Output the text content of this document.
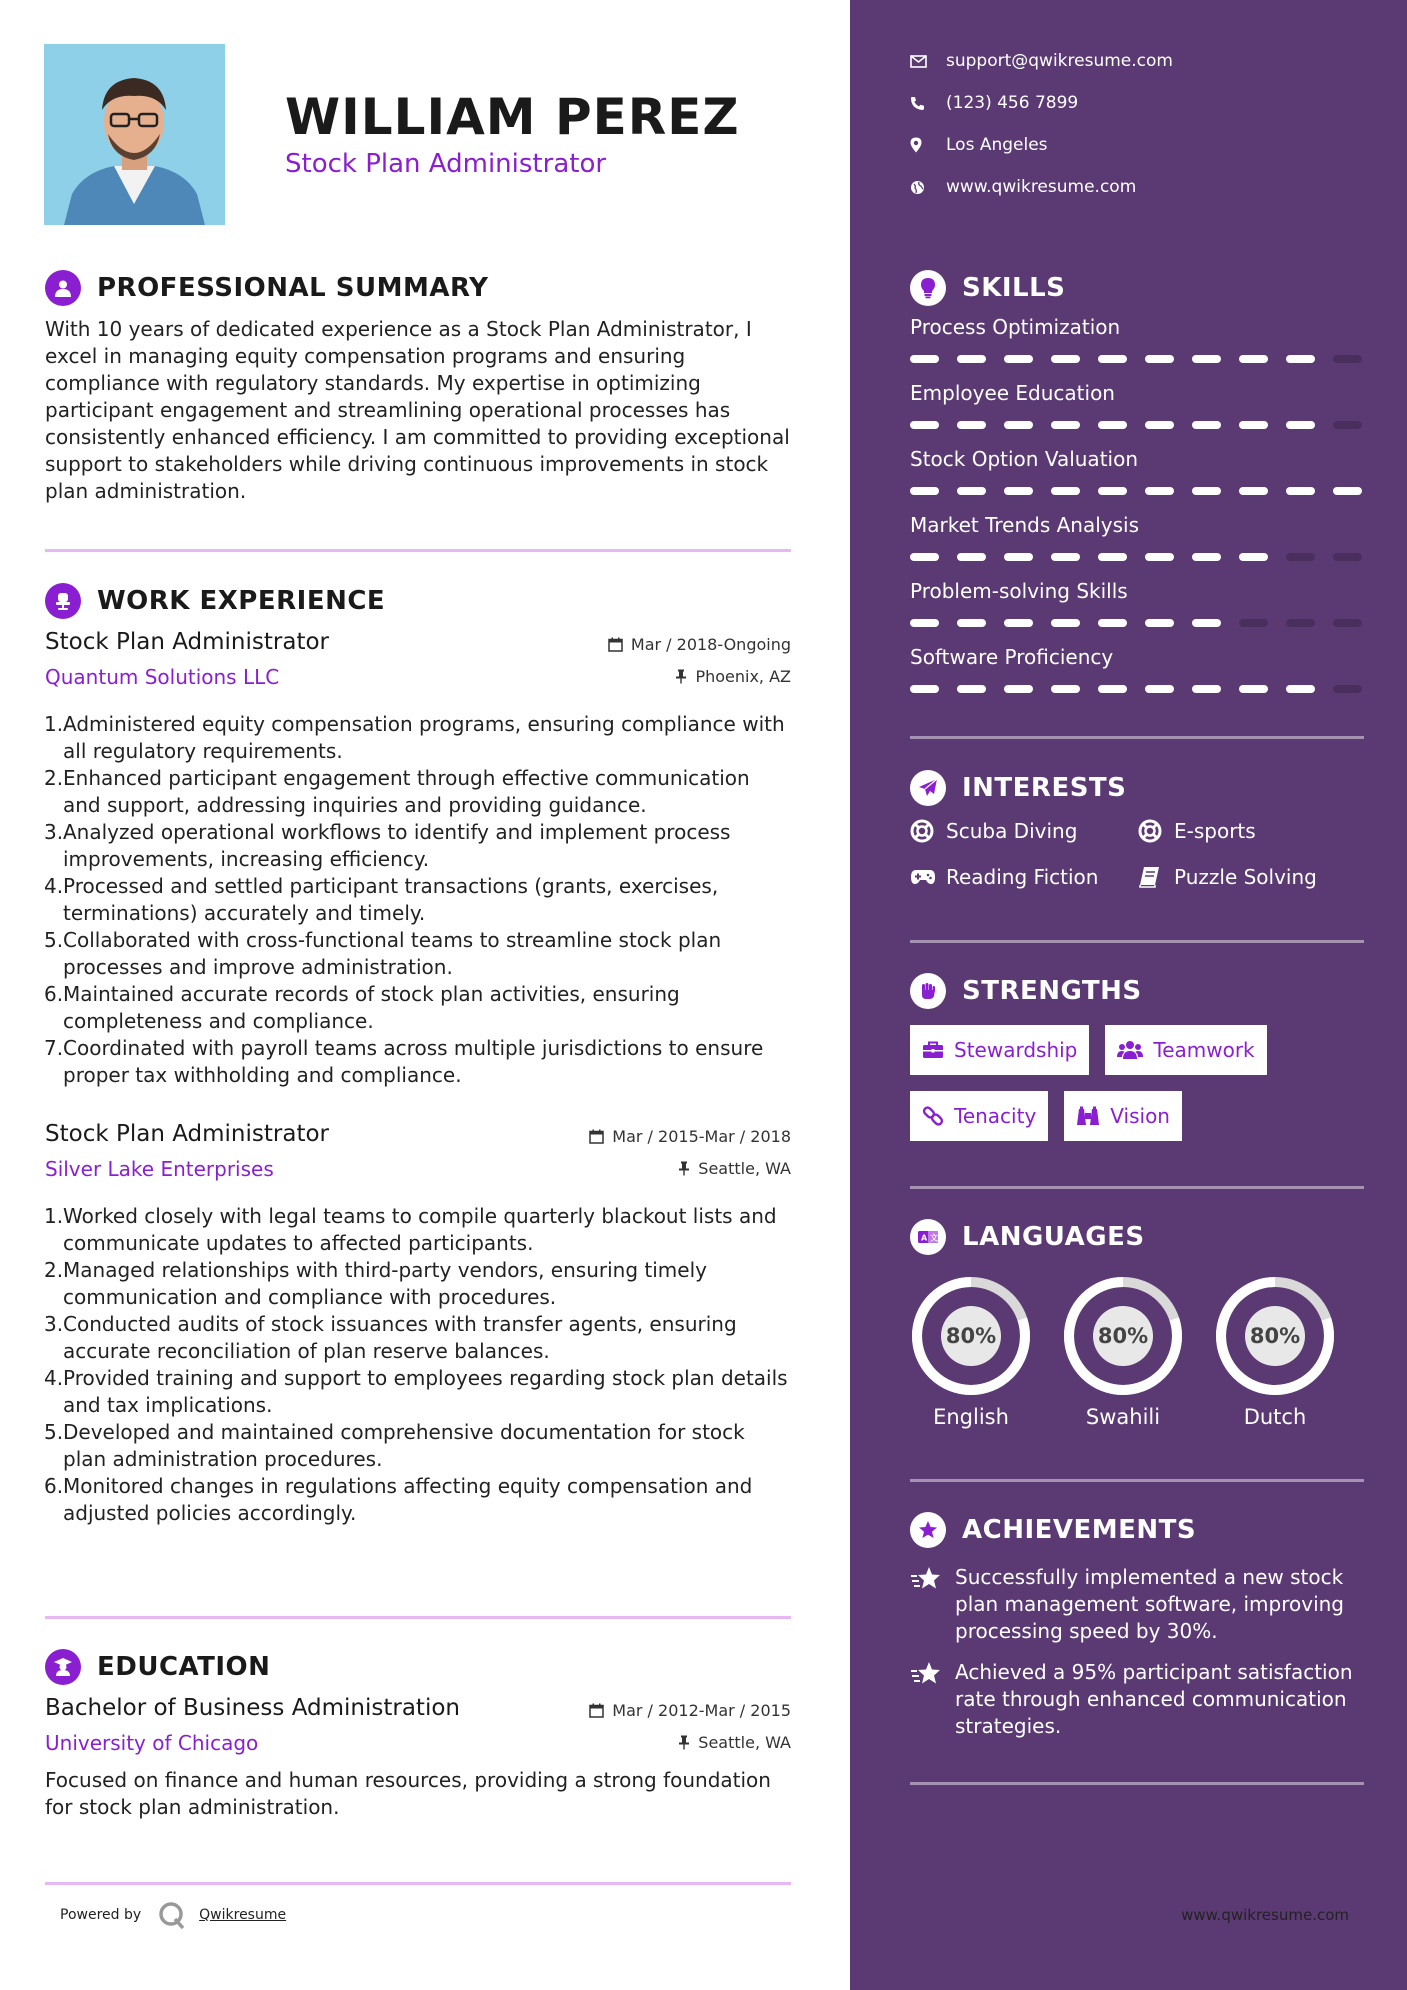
WILLIAM PEREZ
Stock Plan Administrator
PROFESSIONAL SUMMARY

With 10 years of dedicated experience as a Stock Plan Administrator, I excel in managing equity compensation programs and ensuring compliance with regulatory standards. My expertise in optimizing participant engagement and streamlining operational processes has consistently enhanced efficiency. I am committed to providing exceptional support to stakeholders while driving continuous improvements in stock plan administration.

WORK EXPERIENCE
Stock Plan Administrator
Quantum Solutions LLC
Mar / 2018-Ongoing
Phoenix, AZ
1. Administered equity compensation programs, ensuring compliance with all regulatory requirements.
2. Enhanced participant engagement through effective communication and support, addressing inquiries and providing guidance.
3. Analyzed operational workflows to identify and implement process improvements, increasing efficiency.
4. Processed and settled participant transactions (grants, exercises, terminations) accurately and timely.
5. Collaborated with cross-functional teams to streamline stock plan processes and improve administration.
6. Maintained accurate records of stock plan activities, ensuring completeness and compliance.
7. Coordinated with payroll teams across multiple jurisdictions to ensure proper tax withholding and compliance.
Stock Plan Administrator
Silver Lake Enterprises
Mar / 2015-Mar / 2018
Seattle, WA
1. Worked closely with legal teams to compile quarterly blackout lists and communicate updates to affected participants.
2. Managed relationships with third-party vendors, ensuring timely communication and compliance with procedures.
3. Conducted audits of stock issuances with transfer agents, ensuring accurate reconciliation of plan reserve balances.
4. Provided training and support to employees regarding stock plan details and tax implications.
5. Developed and maintained comprehensive documentation for stock plan administration procedures.
6. Monitored changes in regulations affecting equity compensation and adjusted policies accordingly.
EDUCATION
Bachelor of Business Administration
University of Chicago
Mar / 2012-Mar / 2015
Seattle, WA

Focused on finance and human resources, providing a strong foundation for stock plan administration.

Powered by	Qwikresume
support@qwikresume.com
(123) 456 7899
Los Angeles
www.qwikresume.com
SKILLS
Process Optimization
Employee Education
Stock Option Valuation
Market Trends Analysis
Problem-solving Skills
Software Proficiency
INTERESTS
Scuba Diving	E-sports
Reading Fiction	Puzzle Solving
STRENGTHS
Stewardship	Teamwork
Tenacity	Vision
A 文 LANGUAGES
80%
English
80%
Swahili
80%
Dutch
ACHIEVEMENTS
Successfully implemented a new stock plan management software, improving processing speed by 30%.
Achieved a 95% participant satisfaction rate through enhanced communication strategies.
www.qwikresume.com
